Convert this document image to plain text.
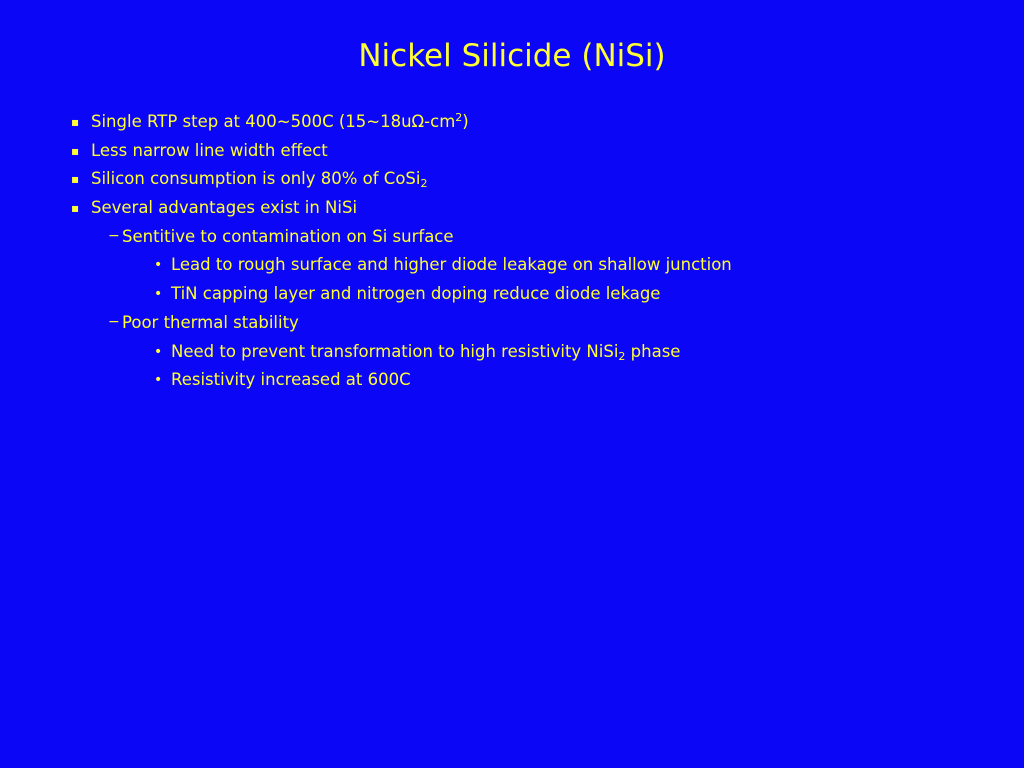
Nickel Silicide (NiSi)
▪ Single RTP step at 400~500C $(15\sim 18u\Omega-cm^2)$
▪ Less narrow line width effect
▪ Silicon consumption is only 80% of CoSi$_2$
▪ Several advantages exist in NiSi
− Sentitive to contamination on Si surface
• Lead to rough surface and higher diode leakage on shallow junction
• TiN capping layer and nitrogen doping reduce diode lekage
− Poor thermal stability
• Need to prevent transformation to high resistivity NiSi$_2$ phase
• Resistivity increased at 600C
